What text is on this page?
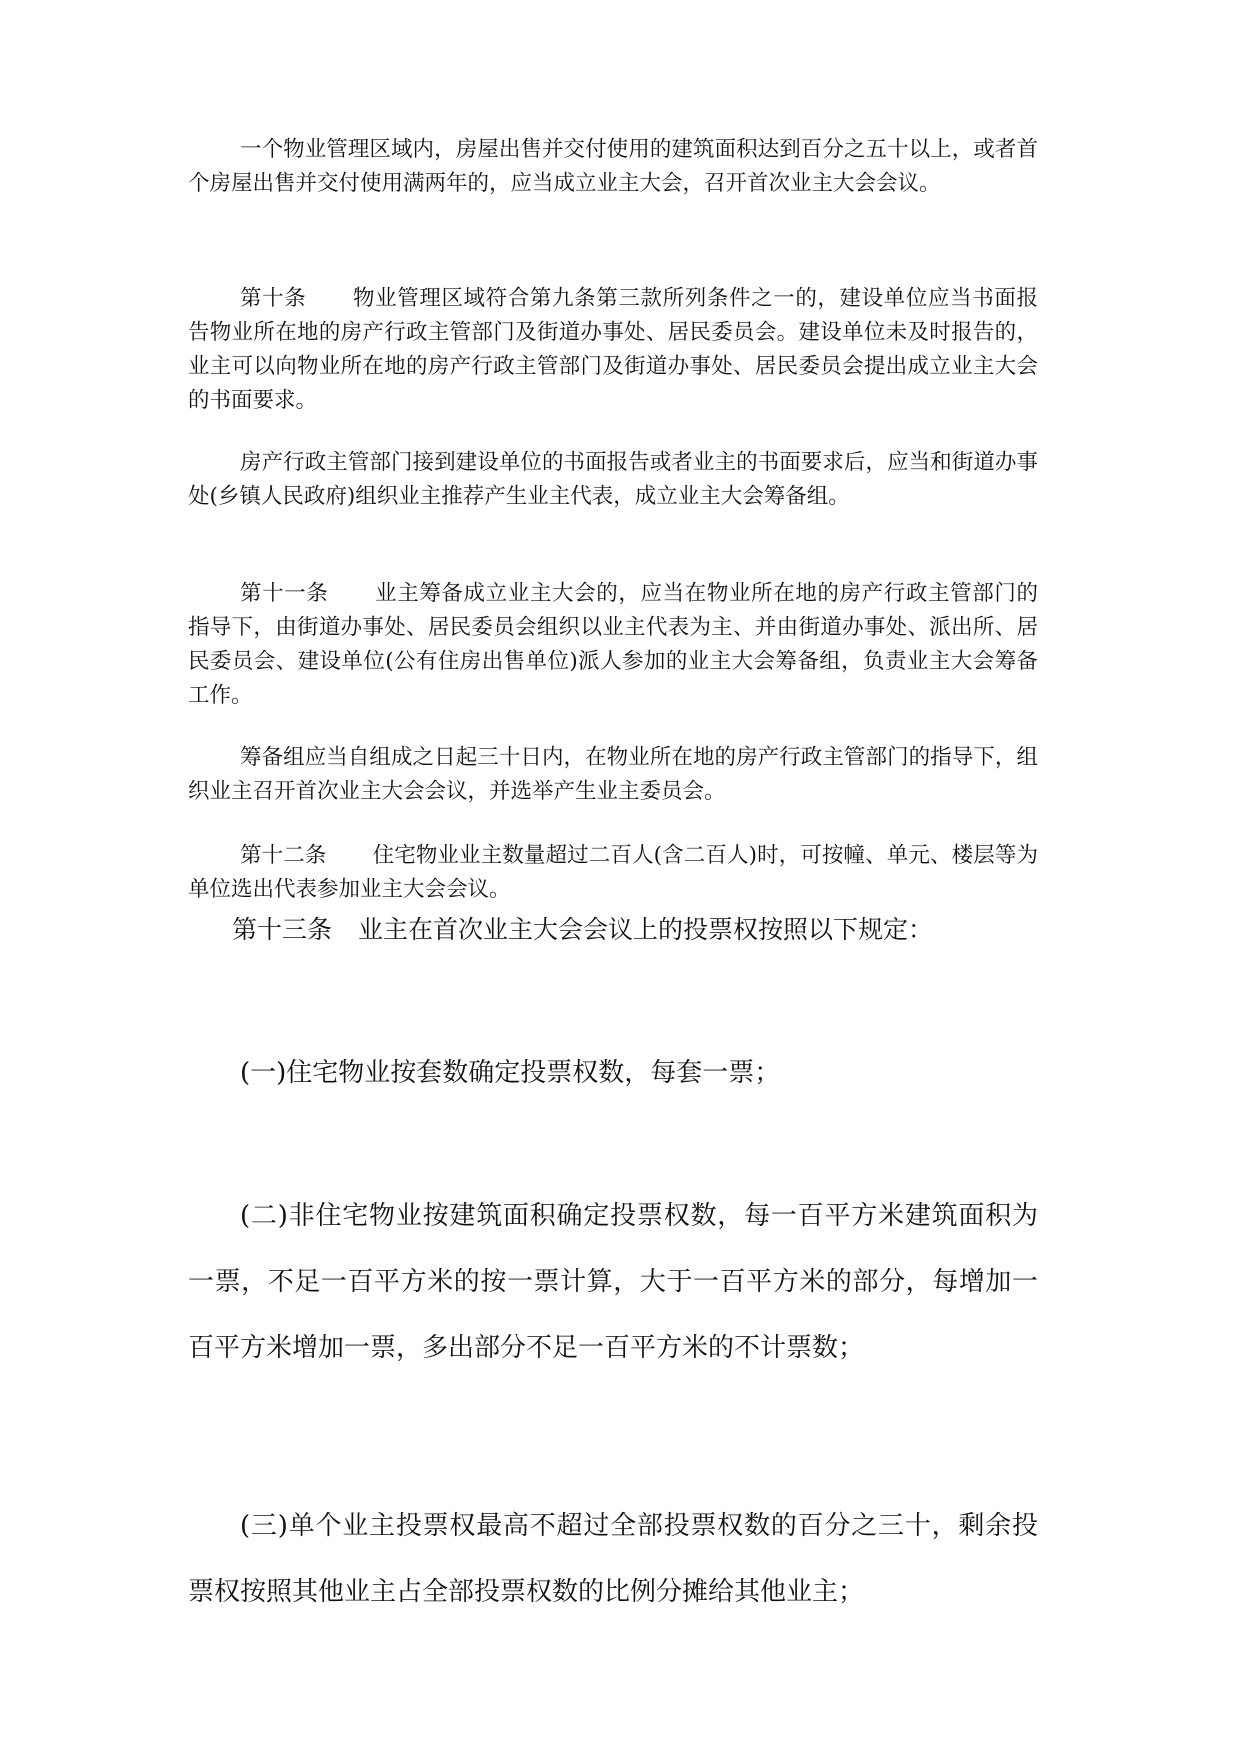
一个物业管理区域内，房屋出售并交付使用的建筑面积达到百分之五十以上，或者首个房屋出售并交付使用满两年的，应当成立业主大会，召开首次业主大会会议。

第十条 物业管理区域符合第九条第三款所列条件之一的，建设单位应当书面报告物业所在地的房产行政主管部门及街道办事处、居民委员会。建设单位未及时报告的，业主可以向物业所在地的房产行政主管部门及街道办事处、居民委员会提出成立业主大会的书面要求。

房产行政主管部门接到建设单位的书面报告或者业主的书面要求后，应当和街道办事处(乡镇人民政府)组织业主推荐产生业主代表，成立业主大会筹备组。

第十一条 业主筹备成立业主大会的，应当在物业所在地的房产行政主管部门的指导下，由街道办事处、居民委员会组织以业主代表为主、并由街道办事处、派出所、居民委员会、建设单位(公有住房出售单位)派人参加的业主大会筹备组，负责业主大会筹备工作。

筹备组应当自组成之日起三十日内，在物业所在地的房产行政主管部门的指导下，组织业主召开首次业主大会会议，并选举产生业主委员会。

第十二条 住宅物业业主数量超过二百人(含二百人)时，可按幢、单元、楼层等为单位选出代表参加业主大会会议。

第十三条 业主在首次业主大会会议上的投票权按照以下规定：

(一)住宅物业按套数确定投票权数，每套一票；

(二)非住宅物业按建筑面积确定投票权数，每一百平方米建筑面积为一票，不足一百平方米的按一票计算，大于一百平方米的部分，每增加一百平方米增加一票，多出部分不足一百平方米的不计票数；

(三)单个业主投票权最高不超过全部投票权数的百分之三十，剩余投票权按照其他业主占全部投票权数的比例分摊给其他业主；
